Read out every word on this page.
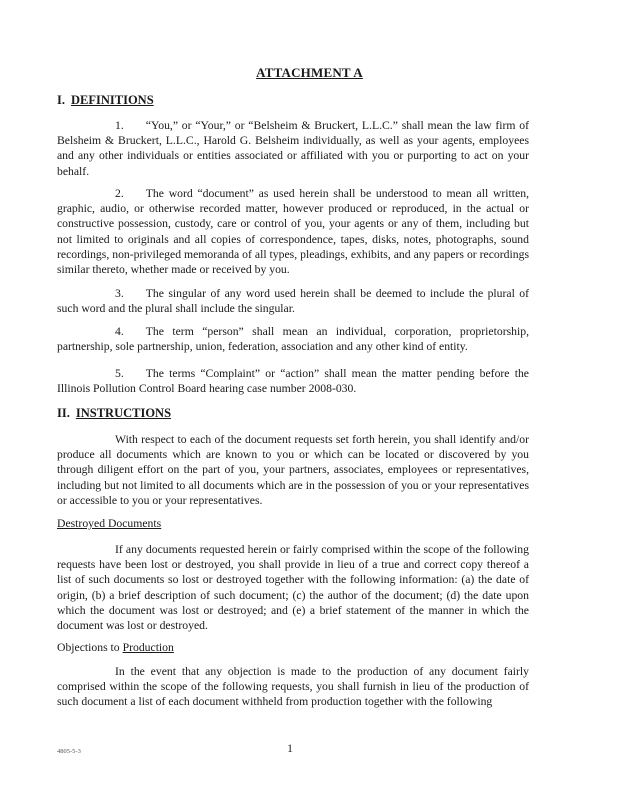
ATTACHMENT A
I. DEFINITIONS
1. “You,” or “Your,” or “Belsheim & Bruckert, L.L.C.” shall mean the law firm of Belsheim & Bruckert, L.L.C., Harold G. Belsheim individually, as well as your agents, employees and any other individuals or entities associated or affiliated with you or purporting to act on your behalf.
2. The word “document” as used herein shall be understood to mean all written, graphic, audio, or otherwise recorded matter, however produced or reproduced, in the actual or constructive possession, custody, care or control of you, your agents or any of them, including but not limited to originals and all copies of correspondence, tapes, disks, notes, photographs, sound recordings, non-privileged memoranda of all types, pleadings, exhibits, and any papers or recordings similar thereto, whether made or received by you.
3. The singular of any word used herein shall be deemed to include the plural of such word and the plural shall include the singular.
4. The term “person” shall mean an individual, corporation, proprietorship, partnership, sole partnership, union, federation, association and any other kind of entity.
5. The terms “Complaint” or “action” shall mean the matter pending before the Illinois Pollution Control Board hearing case number 2008-030.
II. INSTRUCTIONS
With respect to each of the document requests set forth herein, you shall identify and/or produce all documents which are known to you or which can be located or discovered by you through diligent effort on the part of you, your partners, associates, employees or representatives, including but not limited to all documents which are in the possession of you or your representatives or accessible to you or your representatives.
Destroyed Documents
If any documents requested herein or fairly comprised within the scope of the following requests have been lost or destroyed, you shall provide in lieu of a true and correct copy thereof a list of such documents so lost or destroyed together with the following information: (a) the date of origin, (b) a brief description of such document; (c) the author of the document; (d) the date upon which the document was lost or destroyed; and (e) a brief statement of the manner in which the document was lost or destroyed.
Objections to Production
In the event that any objection is made to the production of any document fairly comprised within the scope of the following requests, you shall furnish in lieu of the production of such document a list of each document withheld from production together with the following
4805-5-3	1
